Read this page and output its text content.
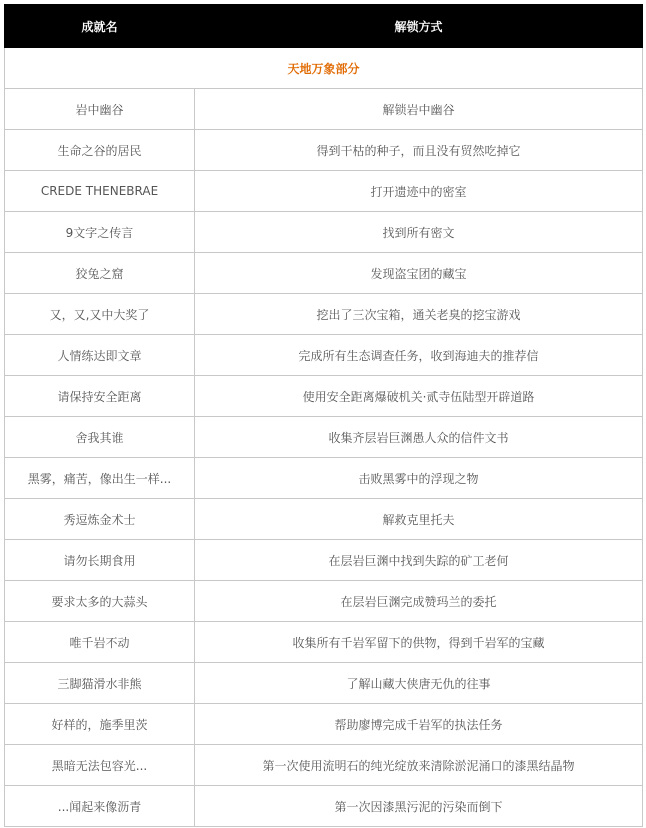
成就名	解锁方式
天地万象部分	
岩中幽谷	解锁岩中幽谷
生命之谷的居民	得到干枯的种子，而且没有贸然吃掉它
CREDE THENEBRAE	打开遗迹中的密室
9文字之传言	找到所有密文
狡兔之窟	发现盗宝团的藏宝
又，又,又中大奖了	挖出了三次宝箱，通关老臭的挖宝游戏
人情练达即文章	完成所有生态调查任务，收到海迪夫的推荐信
请保持安全距离	使用安全距离爆破机关·贰寺伍陆型开辟道路
舍我其谁	收集齐层岩巨渊愚人众的信件文书
黑雾，痛苦，像出生一样...	击败黑雾中的浮现之物
秀逗炼金术士	解救克里托夫
请勿长期食用	在层岩巨渊中找到失踪的矿工老何
要求太多的大蒜头	在层岩巨渊完成赞玛兰的委托
唯千岩不动	收集所有千岩军留下的供物，得到千岩军的宝藏
三脚猫滑水非熊	了解山藏大侠唐无仇的往事
好样的，施季里茨	帮助廖博完成千岩军的执法任务
黑暗无法包容光...	第一次使用流明石的纯光绽放来清除淤泥涌口的漆黑结晶物
...闻起来像沥青	第一次因漆黑污泥的污染而倒下
